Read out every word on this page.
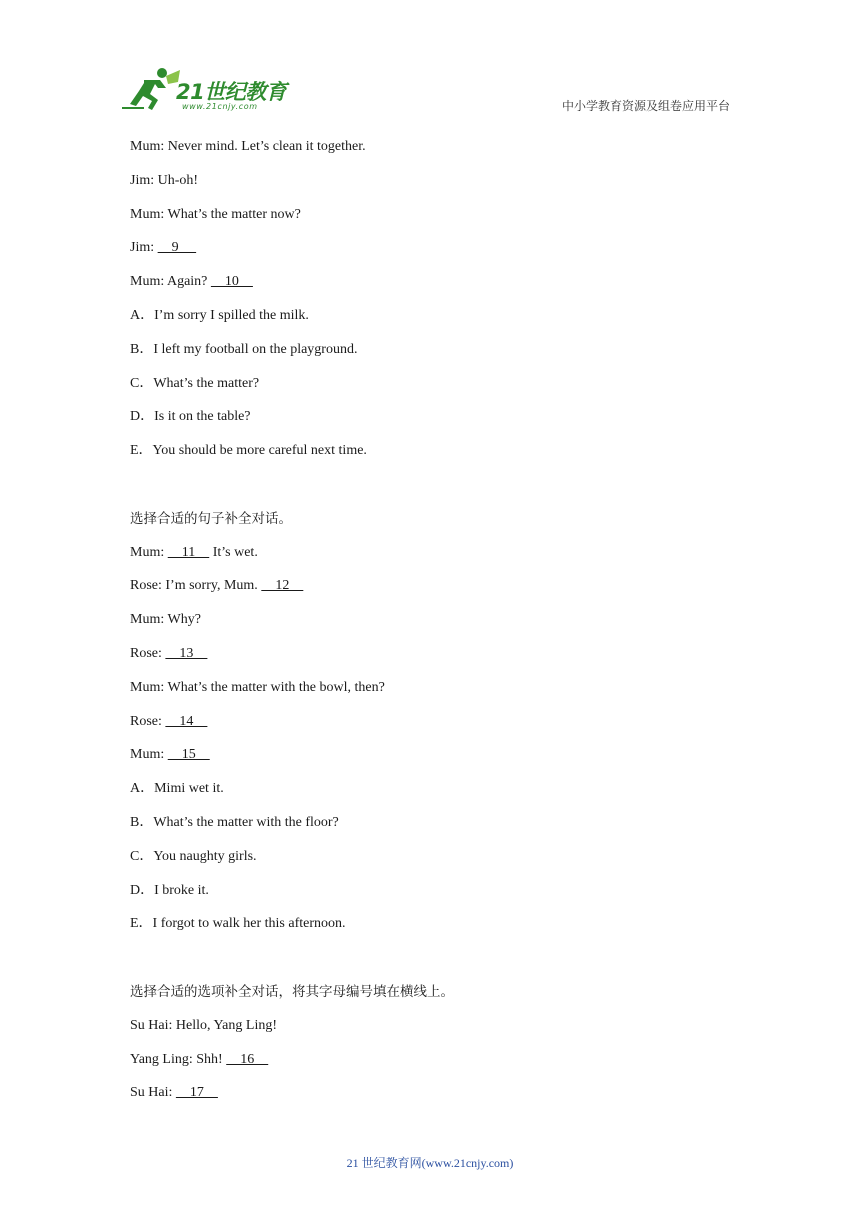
21世纪教育
www.21cnjy.com	中小学教育资源及组卷应用平台
Mum: Never mind. Let’s clean it together.
Jim: Uh-oh!
Mum: What’s the matter now?
Jim:     9
Mum: Again?     10
A．I’m sorry I spilled the milk.
B．I left my football on the playground.
C．What’s the matter?
D．Is it on the table?
E．You should be more careful next time.
选择合适的句子补全对话。
Mum:     11     It’s wet.
Rose: I’m sorry, Mum.     12
Mum: Why?
Rose:     13
Mum: What’s the matter with the bowl, then?
Rose:     14
Mum:     15
A．Mimi wet it.
B．What’s the matter with the floor?
C．You naughty girls.
D．I broke it.
E．I forgot to walk her this afternoon.
选择合适的选项补全对话，将其字母编号填在横线上。
Su Hai: Hello, Yang Ling!
Yang Ling: Shh!     16
Su Hai:     17
21 世纪教育网(www.21cnjy.com)
